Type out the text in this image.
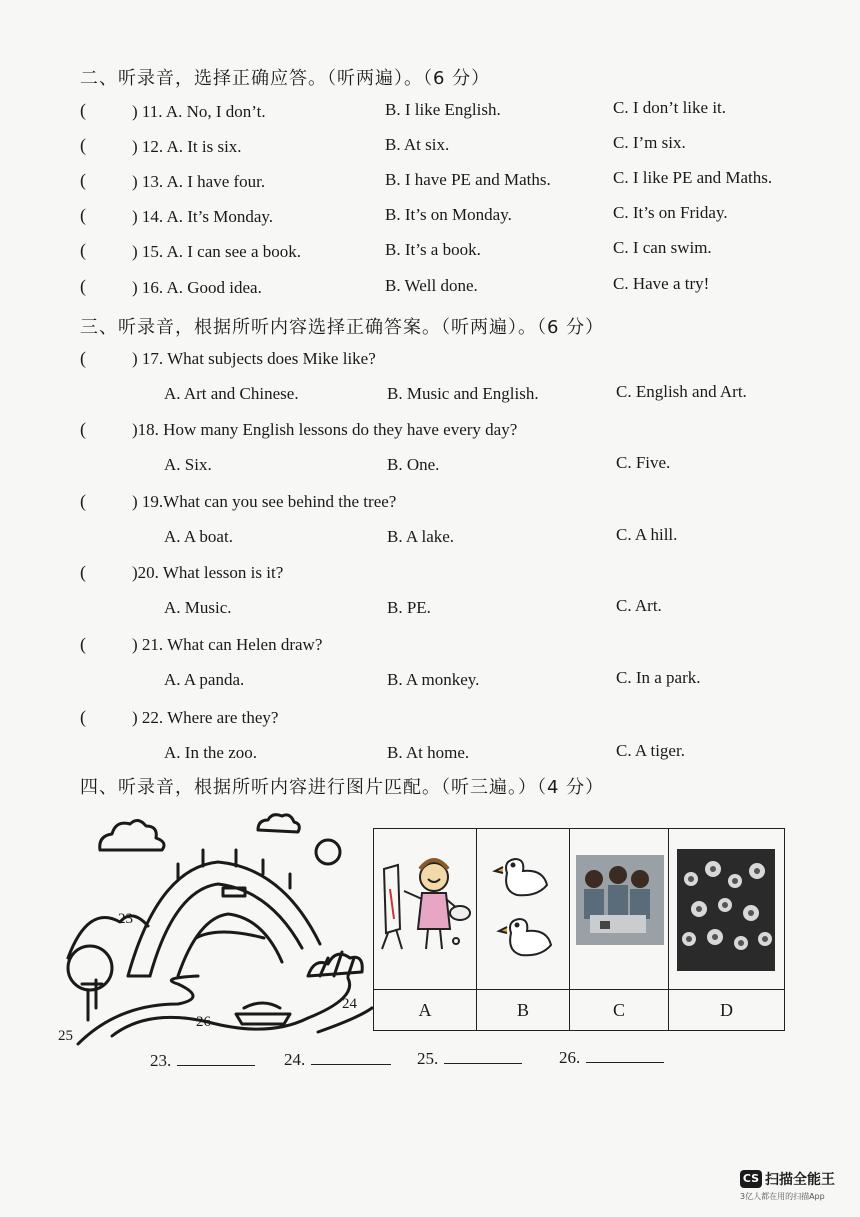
二、听录音，选择正确应答。（听两遍）。（6 分）
(	) 11. A. No, I don’t.	B. I like English.	C. I don’t like it.
(	) 12. A. It is six.	B. At six.	C. I’m six.
(	) 13. A. I have four.	B. I have PE and Maths.	C. I like PE and Maths.
(	) 14. A. It’s Monday.	B. It’s on Monday.	C. It’s on Friday.
(	) 15. A. I can see a book.	B. It’s a book.	C. I can swim.
(	) 16. A. Good idea.	B. Well done.	C. Have a try!
三、听录音，根据所听内容选择正确答案。（听两遍）。（6 分）
(	) 17. What subjects does Mike like?
A. Art and Chinese.	B. Music and English.	C. English and Art.
(	)18. How many English lessons do they have every day?
A. Six.	B. One.	C. Five.
(	) 19.What can you see behind the tree?
A. A boat.	B. A lake.	C. A hill.
(	)20. What lesson is it?
A. Music.	B. PE.	C. Art.
(	) 21. What can Helen draw?
A. A panda.	B. A monkey.	C. In a park.
(	) 22. Where are they?
A. In the zoo.	B. At home.	C. A tiger.
四、听录音，根据所听内容进行图片匹配。（听三遍。）（4 分）
23
24
25
26
A	B	C	D
23.	24.	25.	26.
CS 扫描全能王
3亿人都在用的扫描App
